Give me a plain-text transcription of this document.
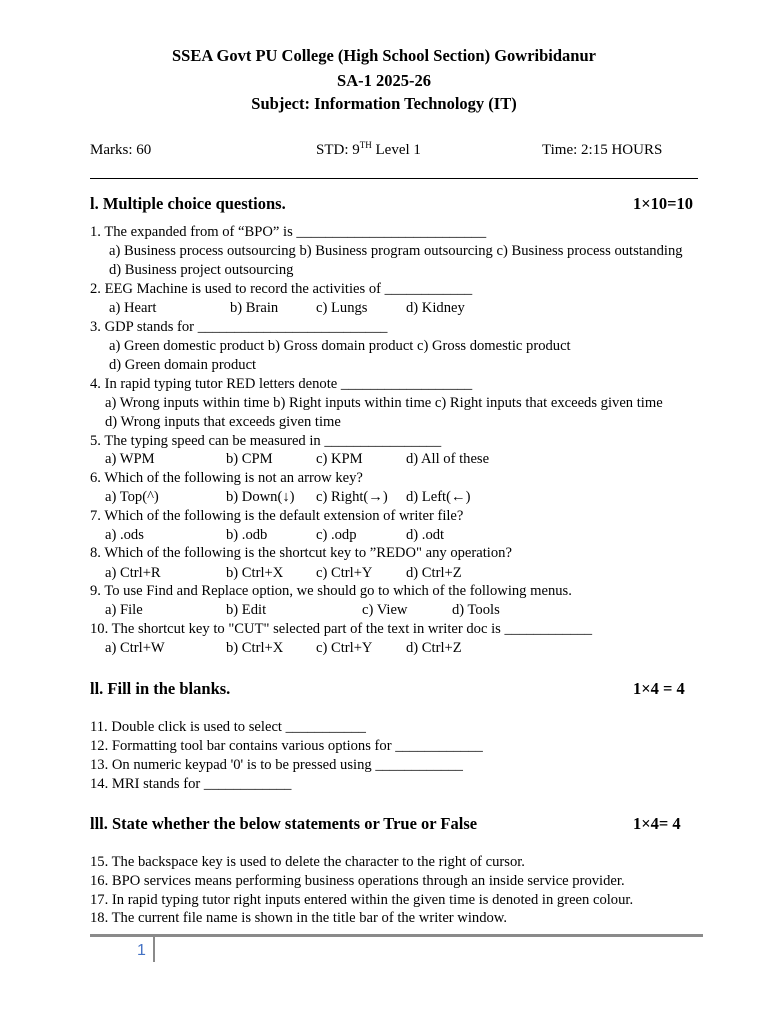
SSEA Govt PU College (High School Section) Gowribidanur
SA-1 2025-26
Subject: Information Technology (IT)
Marks: 60	STD: 9TH Level 1	Time: 2:15 HOURS
l. Multiple choice questions.	1×10=10
1. The expanded from of “BPO” is __________________________
a) Business process outsourcing b) Business program outsourcing c) Business process outstanding
d) Business project outsourcing
2. EEG Machine is used to record the activities of ____________
a) Heart	b) Brain	c) Lungs	d) Kidney
3. GDP stands for __________________________
a) Green domestic product b) Gross domain product c) Gross domestic product
d) Green domain product
4. In rapid typing tutor RED letters denote __________________
a) Wrong inputs within time b) Right inputs within time c) Right inputs that exceeds given time
d) Wrong inputs that exceeds given time
5. The typing speed can be measured in ________________
a) WPM	b) CPM	c) KPM	d) All of these
6. Which of the following is not an arrow key?
a) Top(^)	b) Down(↓) c) Right(→) d) Left(←)
7. Which of the following is the default extension of writer file?
a) .ods	b) .odb	c) .odp	d) .odt
8. Which of the following is the shortcut key to ”REDO" any operation?
a) Ctrl+R	b) Ctrl+X c) Ctrl+Y d) Ctrl+Z
9. To use Find and Replace option, we should go to which of the following menus.
a) File	b) Edit	c) View	d) Tools
10. The shortcut key to "CUT" selected part of the text in writer doc is ____________
a) Ctrl+W	b) Ctrl+X c) Ctrl+Y d) Ctrl+Z
ll. Fill in the blanks.	1×4 = 4
11. Double click is used to select ___________
12. Formatting tool bar contains various options for ____________
13. On numeric keypad '0' is to be pressed using ____________
14. MRI stands for ____________
lll. State whether the below statements or True or False	1×4= 4
15. The backspace key is used to delete the character to the right of cursor.
16. BPO services means performing business operations through an inside service provider.
17. In rapid typing tutor right inputs entered within the given time is denoted in green colour.
18. The current file name is shown in the title bar of the writer window.
1
